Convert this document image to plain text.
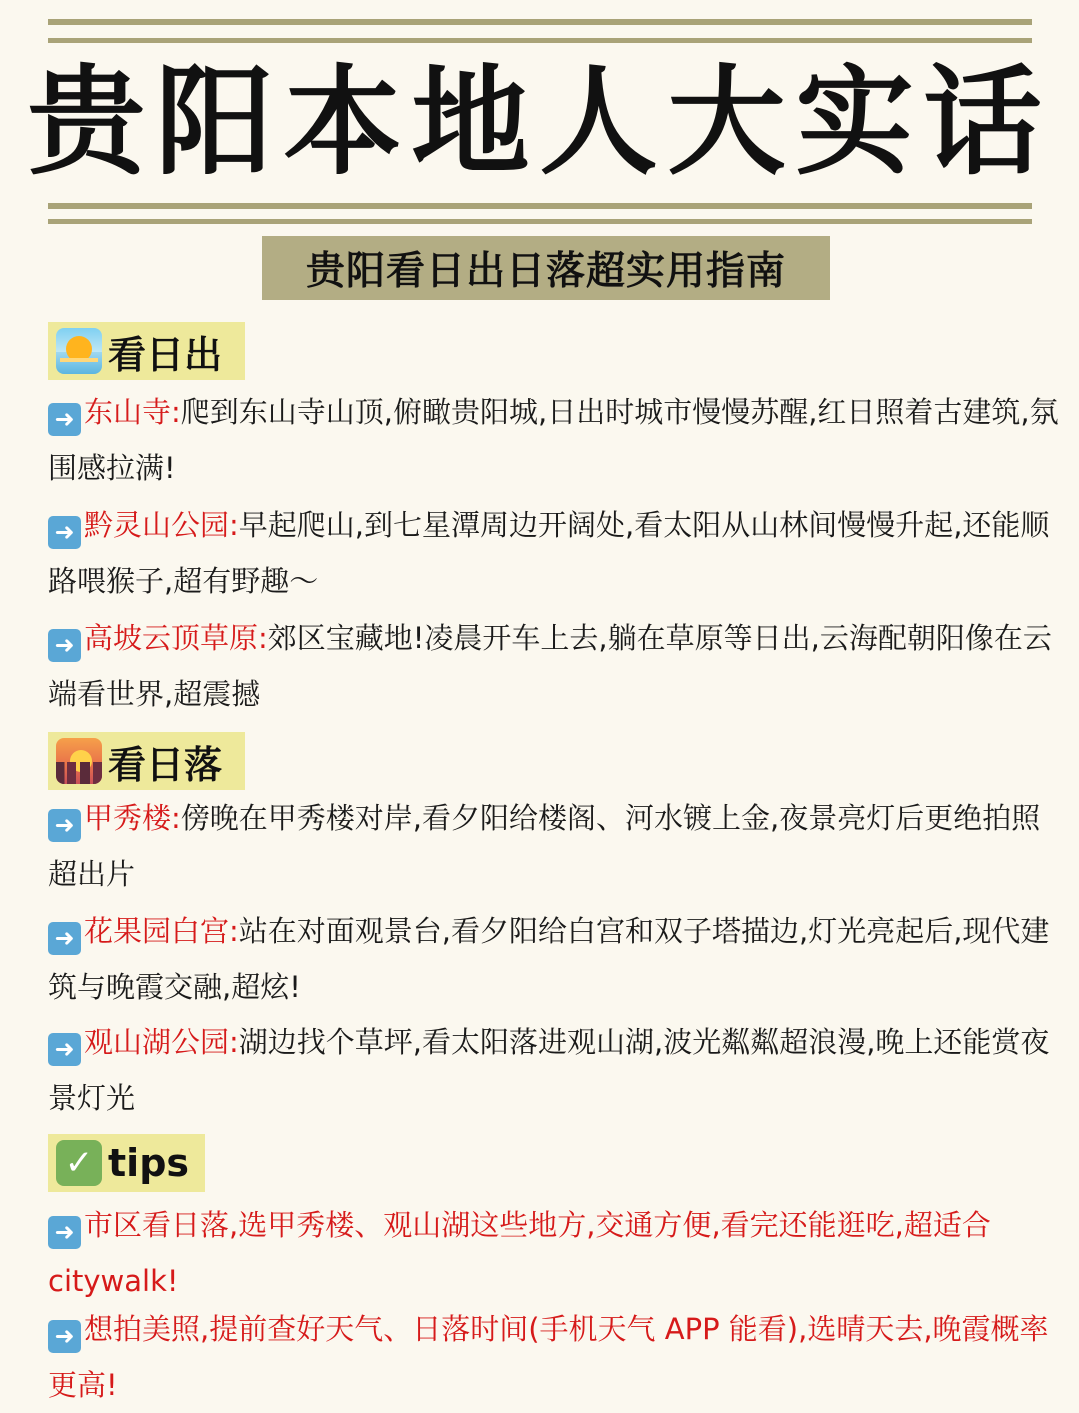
贵阳本地人大实话
贵阳看日出日落超实用指南
看日出
➜ 东山寺:爬到东山寺山顶,俯瞰贵阳城,日出时城市慢慢苏醒,红日照着古建筑,氛围感拉满!
➜ 黔灵山公园:早起爬山,到七星潭周边开阔处,看太阳从山林间慢慢升起,还能顺路喂猴子,超有野趣～
➜ 高坡云顶草原:郊区宝藏地!凌晨开车上去,躺在草原等日出,云海配朝阳像在云端看世界,超震撼
看日落
➜ 甲秀楼:傍晚在甲秀楼对岸,看夕阳给楼阁、河水镀上金,夜景亮灯后更绝拍照超出片
➜ 花果园白宫:站在对面观景台,看夕阳给白宫和双子塔描边,灯光亮起后,现代建筑与晚霞交融,超炫!
➜ 观山湖公园:湖边找个草坪,看太阳落进观山湖,波光粼粼超浪漫,晚上还能赏夜景灯光
✓ tips
➜ 市区看日落,选甲秀楼、观山湖这些地方,交通方便,看完还能逛吃,超适合 citywalk!
➜ 想拍美照,提前查好天气、日落时间(手机天气 APP 能看),选晴天去,晚霞概率更高!
